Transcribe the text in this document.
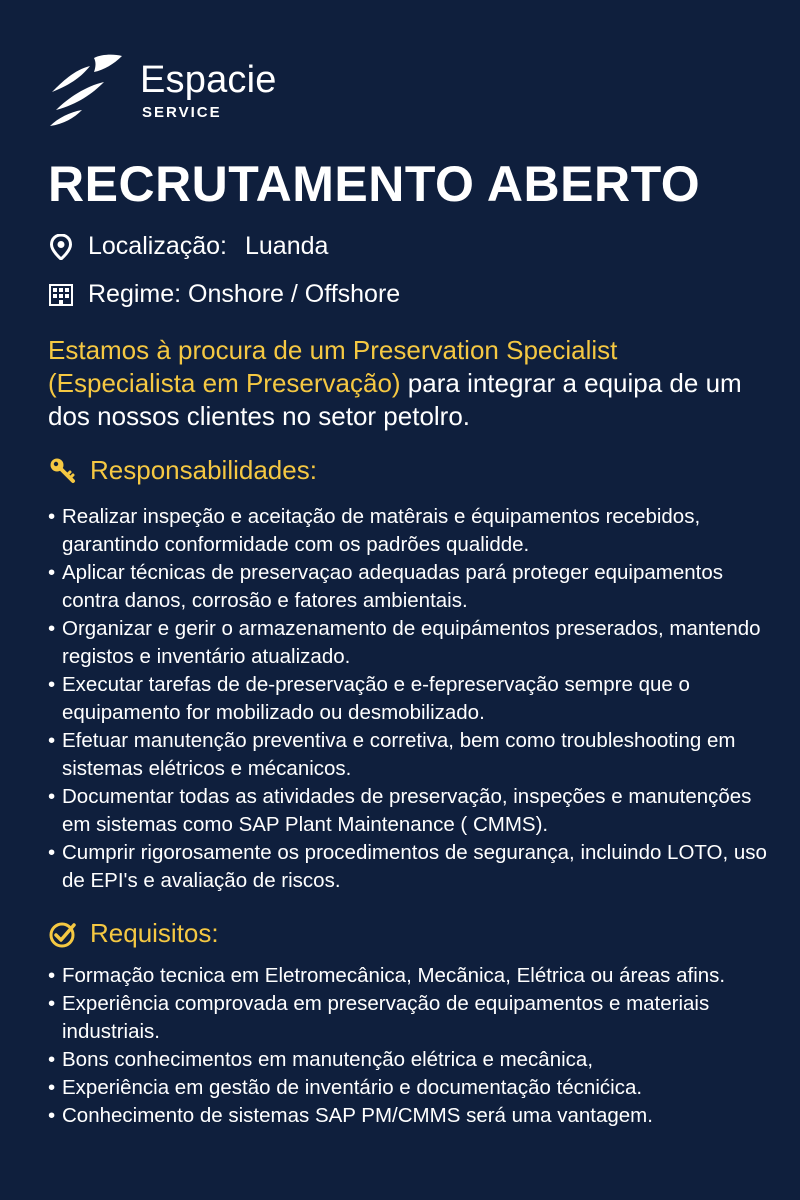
Espacie
SERVICE
RECRUTAMENTO ABERTO
Localização: Luanda
Regime: Onshore / Offshore
Estamos à procura de um Preservation Specialist (Especialista em Preservação) para integrar a equipa de um dos nossos clientes no setor petolro.
Responsabilidades:
• Realizar inspeção e aceitação de matêrais e équipamentos recebidos, garantindo conformidade com os padrões qualidde.
• Aplicar técnicas de preservaçao adequadas pará proteger equipamentos contra danos, corrosão e fatores ambientais.
• Organizar e gerir o armazenamento de equipámentos preserados, mantendo registos e inventário atualizado.
• Executar tarefas de de-preservação e e-fepreservação sempre que o equipamento for mobilizado ou desmobilizado.
• Efetuar manutenção preventiva e corretiva, bem como troubleshooting em sistemas elétricos e mécanicos.
• Documentar todas as atividades de preservação, inspeções e manutenções em sistemas como SAP Plant Maintenance ( CMMS).
• Cumprir rigorosamente os procedimentos de segurança, incluindo LOTO, uso de EPI's e avaliação de riscos.
Requisitos:
• Formação tecnica em Eletromecânica, Mecãnica, Elétrica ou áreas afins.
• Experiência comprovada em preservação de equipamentos e materiais industriais.
• Bons conhecimentos em manutenção elétrica e mecânica,
• Experiência em gestão de inventário e documentação técnićica.
• Conhecimento de sistemas SAP PM/CMMS será uma vantagem.
